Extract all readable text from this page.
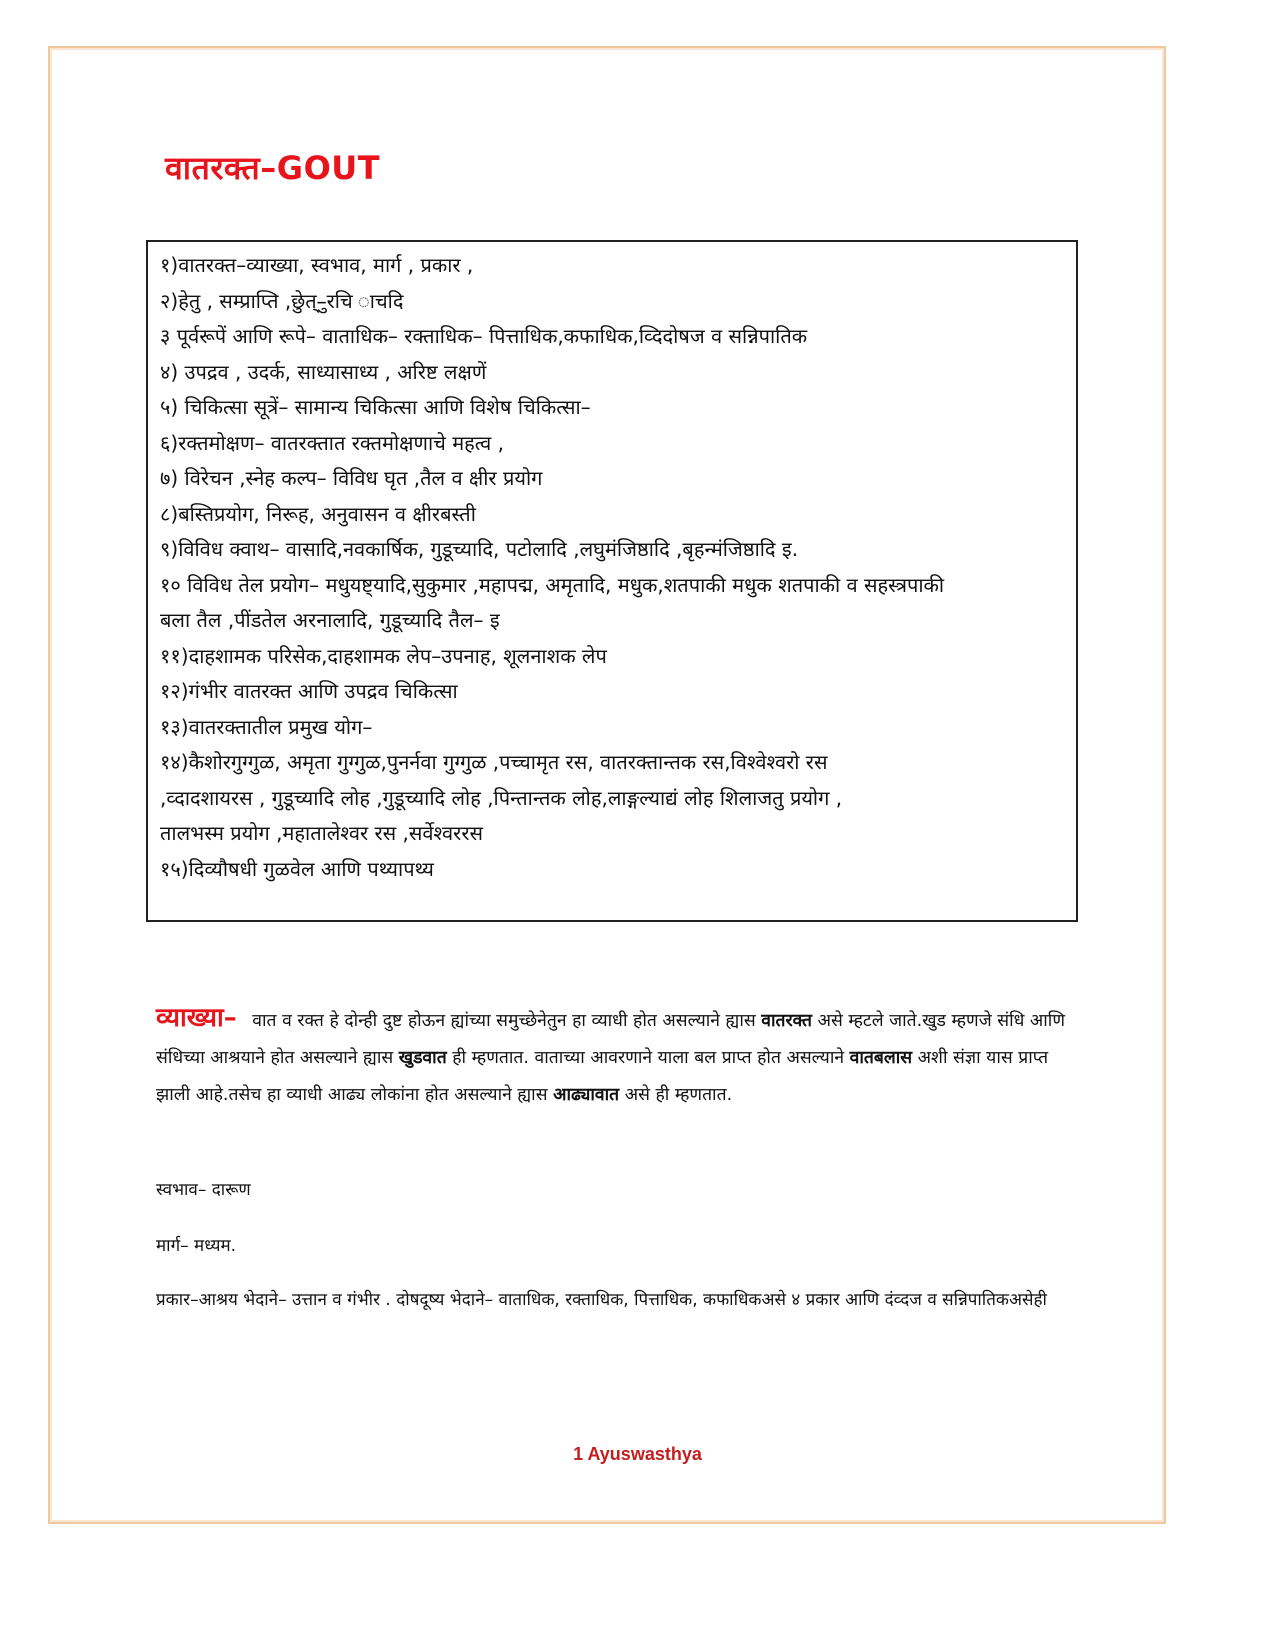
वातरक्त–GOUT
१)वातरक्त–व्याख्या, स्वभाव, मार्ग , प्रकार ,
२)हेतु , सम्प्राप्ति ,छेुत्–ुरचि ाचदि
३ पूर्वरूपें आणि रूपे– वाताधिक– रक्ताधिक– पित्ताधिक,कफाधिक,व्दिदोषज व सन्निपातिक
४) उपद्रव , उदर्क, साध्यासाध्य , अरिष्ट लक्षणें
५) चिकित्सा सूत्रें– सामान्य चिकित्सा आणि विशेष चिकित्सा–
६)रक्तमोक्षण– वातरक्तात रक्तमोक्षणाचे महत्व ,
७) विरेचन ,स्नेह कल्प– विविध घृत ,तैल व क्षीर प्रयोग
८)बस्तिप्रयोग, निरूह, अनुवासन व क्षीरबस्ती
९)विविध क्वाथ– वासादि,नवकार्षिक, गुडूच्यादि, पटोलादि ,लघुमंजिष्ठादि ,बृहन्मंजिष्ठादि इ.
१० विविध तेल प्रयोग– मधुयष्ट्यादि,सुकुमार ,महापद्म, अमृतादि, मधुक,शतपाकी मधुक शतपाकी व सहस्त्रपाकी
बला तैल ,पींडतेल अरनालादि, गुडूच्यादि तैल– इ
११)दाहशामक परिसेक,दाहशामक लेप–उपनाह, शूलनाशक लेप
१२)गंभीर वातरक्त आणि उपद्रव चिकित्सा
१३)वातरक्तातील प्रमुख योग–
१४)कैशोरगुग्गुळ, अमृता गुग्गुळ,पुनर्नवा गुग्गुळ ,पच्चामृत रस, वातरक्तान्तक रस,विश्वेश्वरो रस
,व्दादशायरस , गुडूच्यादि लोह ,गुडूच्यादि लोह ,पिन्तान्तक लोह,लाङ्गल्याद्यं लोह शिलाजतु प्रयोग ,
तालभस्म प्रयोग ,महातालेश्वर रस ,सर्वेश्वररस
१५)दिव्यौषधी गुळवेल आणि पथ्यापथ्य
व्याख्या– वात व रक्त हे दोन्ही दुष्ट होऊन ह्यांच्या समुच्छेनेतुन हा व्याधी होत असल्याने ह्यास वातरक्त असे म्हटले जाते.खुड म्हणजे संधि आणि संधिच्या आश्रयाने होत असल्याने ह्यास खुडवात ही म्हणतात. वाताच्या आवरणाने याला बल प्राप्त होत असल्याने वातबलास अशी संज्ञा यास प्राप्त झाली आहे.तसेच हा व्याधी आढ्य लोकांना होत असल्याने ह्यास आढ्यावात असे ही म्हणतात.
स्वभाव– दारूण
मार्ग– मध्यम.
प्रकार–आश्रय भेदाने– उत्तान व गंभीर . दोषदूष्य भेदाने– वाताधिक, रक्ताधिक, पित्ताधिक, कफाधिकअसे ४ प्रकार आणि दंव्दज व सन्निपातिकअसेही
1 Ayuswasthya
